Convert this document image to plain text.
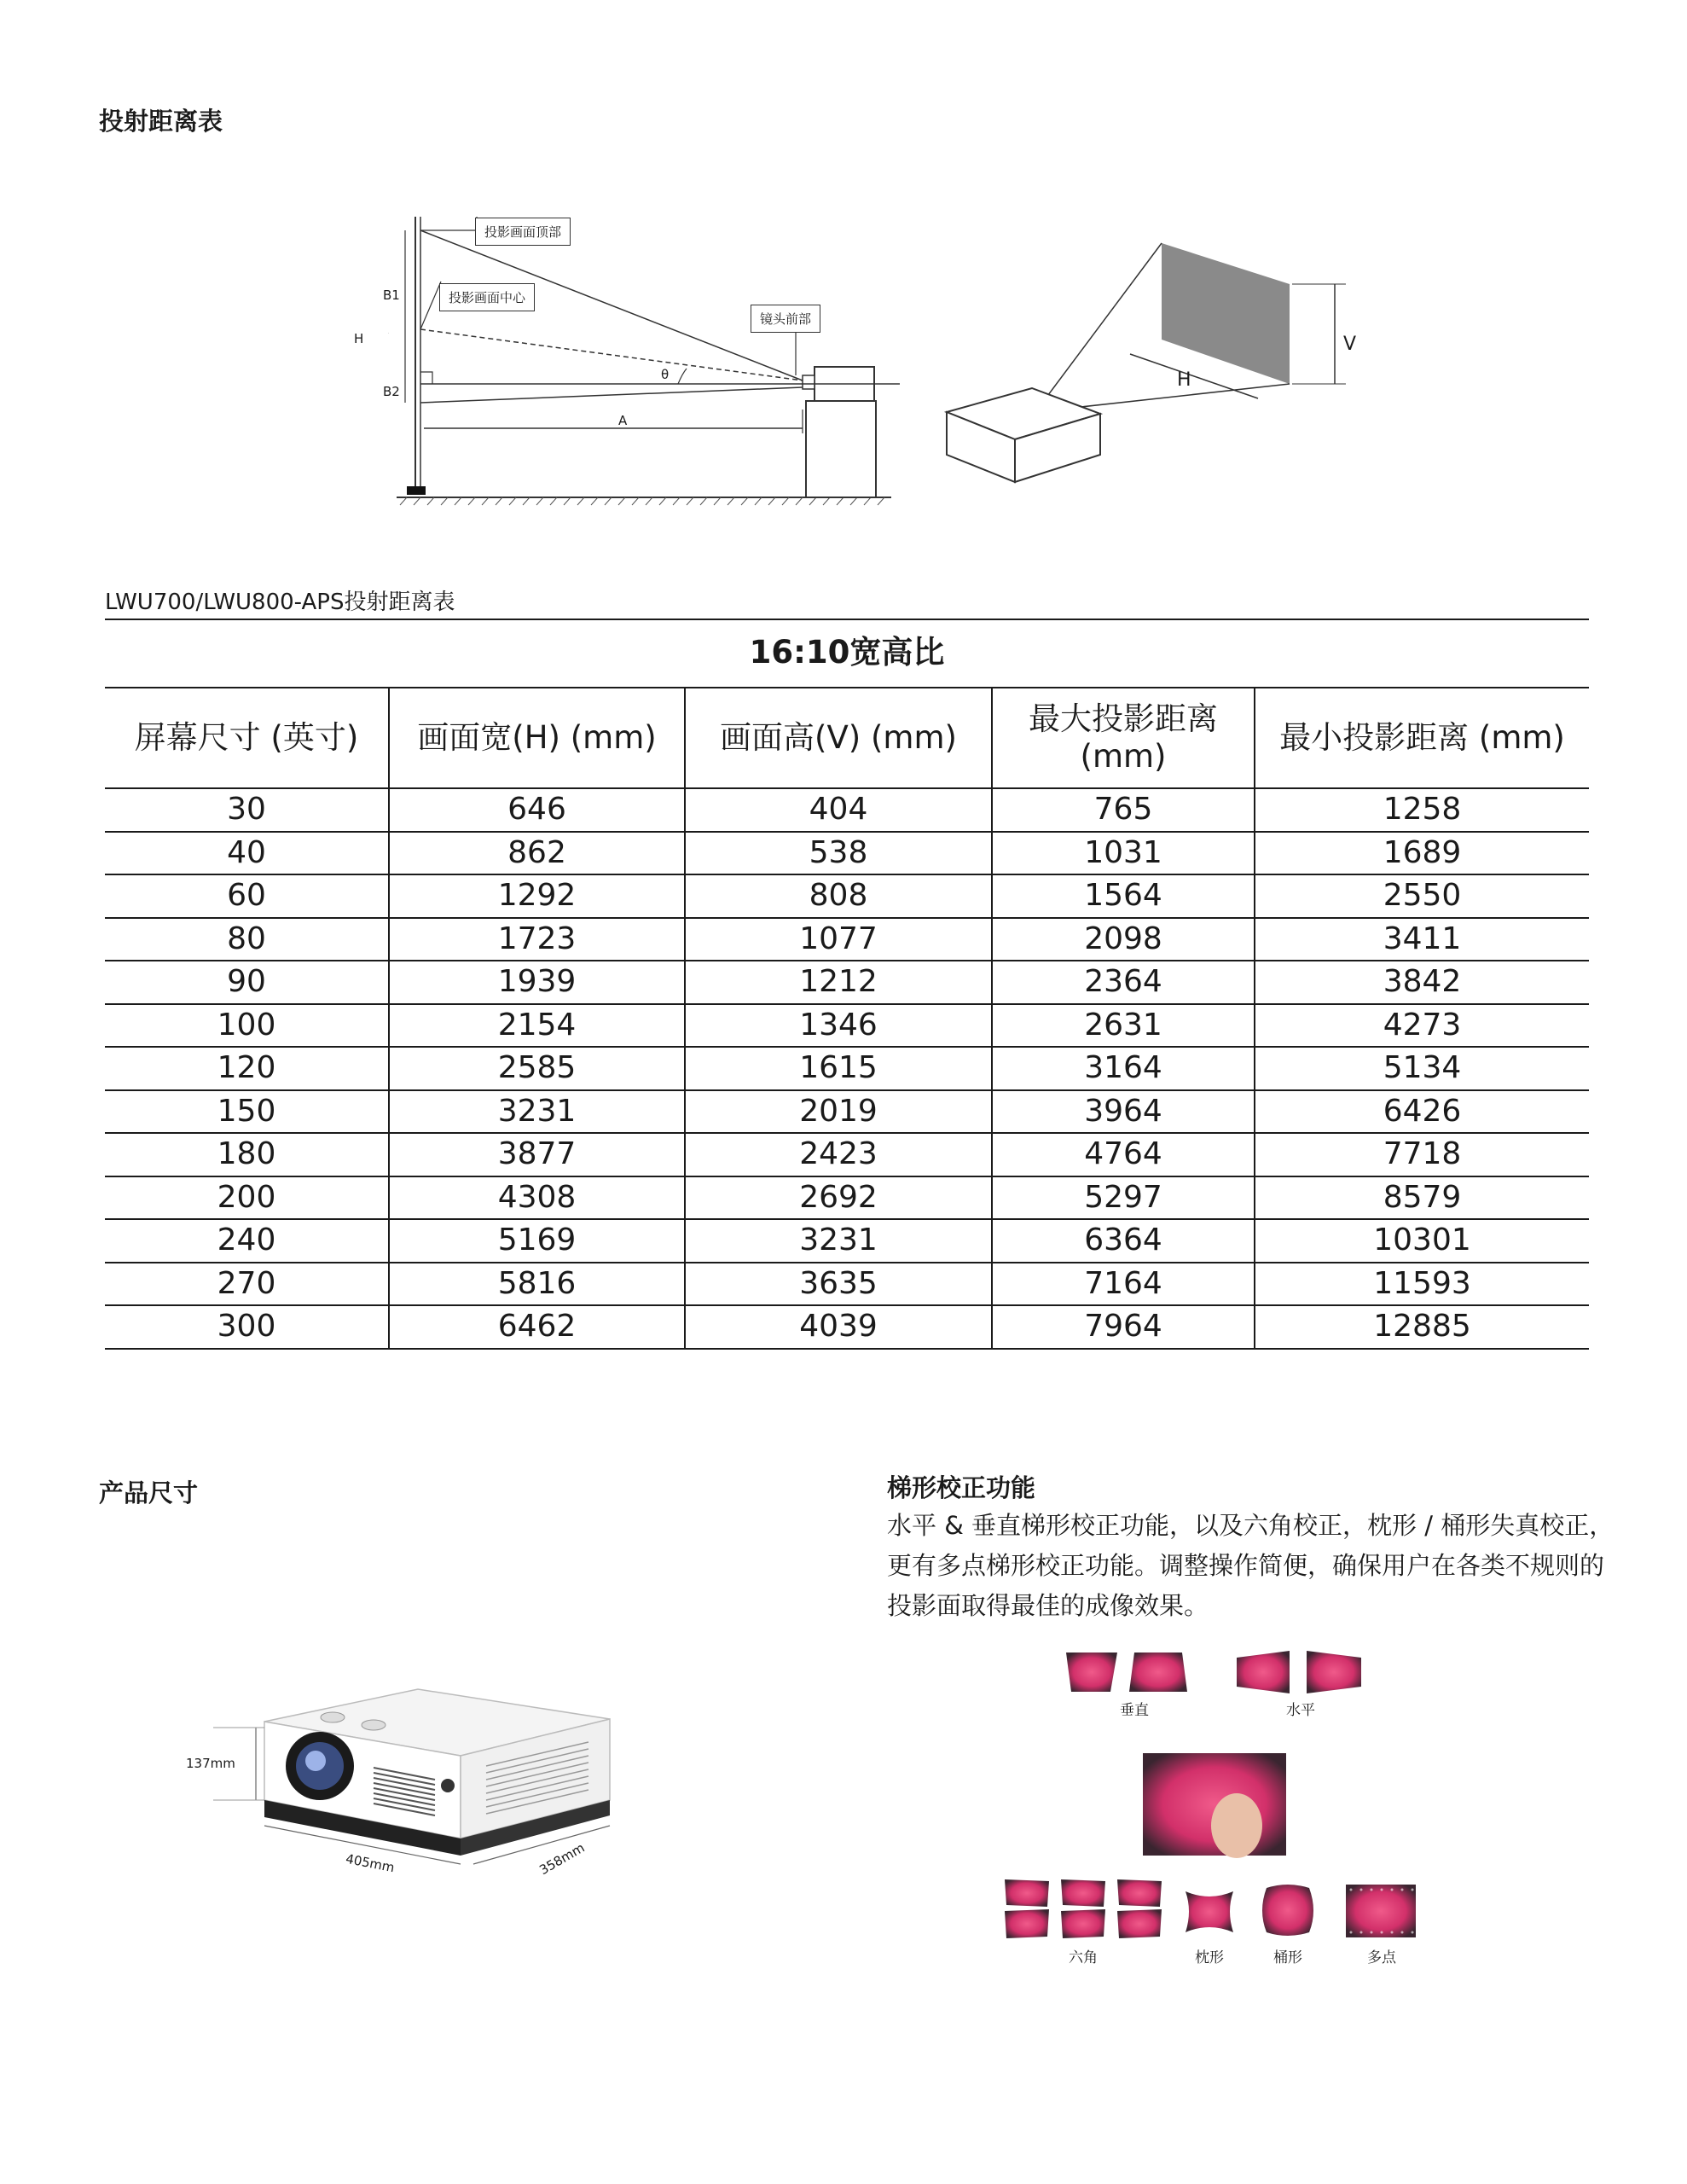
投射距离表
投影画面顶部
投影画面中心
镜头前部
B1
B2
H
A
θ
V
H
LWU700/LWU800-APS投射距离表
16:10宽高比
屏幕尺寸 (英寸)	画面宽(H) (mm)	画面高(V) (mm)	最大投影距离 (mm)	最小投影距离 (mm)
30	646	404	765	1258
40	862	538	1031	1689
60	1292	808	1564	2550
80	1723	1077	2098	3411
90	1939	1212	2364	3842
100	2154	1346	2631	4273
120	2585	1615	3164	5134
150	3231	2019	3964	6426
180	3877	2423	4764	7718
200	4308	2692	5297	8579
240	5169	3231	6364	10301
270	5816	3635	7164	11593
300	6462	4039	7964	12885
产品尺寸
137mm
405mm	358mm
梯形校正功能
水平 & 垂直梯形校正功能，以及六角校正，枕形 / 桶形失真校正，更有多点梯形校正功能。调整操作简便，确保用户在各类不规则的投影面取得最佳的成像效果。
垂直	水平
六角	枕形	桶形	多点
